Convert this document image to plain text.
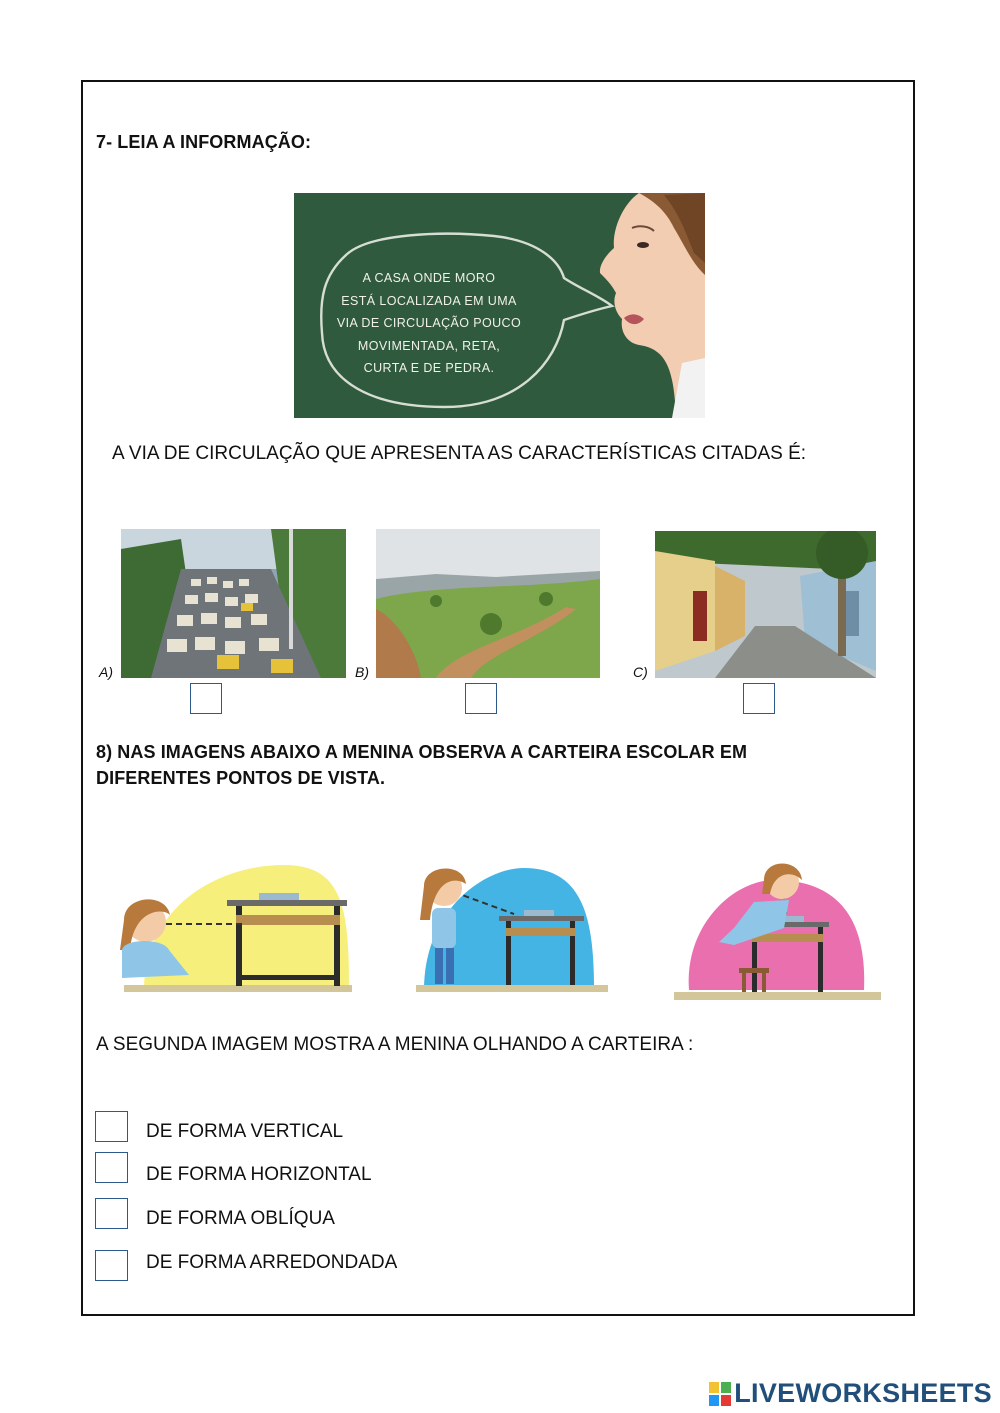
7- LEIA A INFORMAÇÃO:
A CASA ONDE MORO
ESTÁ LOCALIZADA EM UMA
VIA DE CIRCULAÇÃO POUCO
MOVIMENTADA, RETA,
CURTA E DE PEDRA.
A VIA DE CIRCULAÇÃO QUE APRESENTA AS CARACTERÍSTICAS CITADAS É:
A)	B)	C)
8) NAS IMAGENS ABAIXO A MENINA OBSERVA A CARTEIRA ESCOLAR EM
DIFERENTES PONTOS DE VISTA.
A SEGUNDA IMAGEM MOSTRA A MENINA OLHANDO A CARTEIRA :
DE FORMA VERTICAL
DE FORMA HORIZONTAL
DE FORMA OBLÍQUA
DE FORMA ARREDONDADA
LIVEWORKSHEETS
